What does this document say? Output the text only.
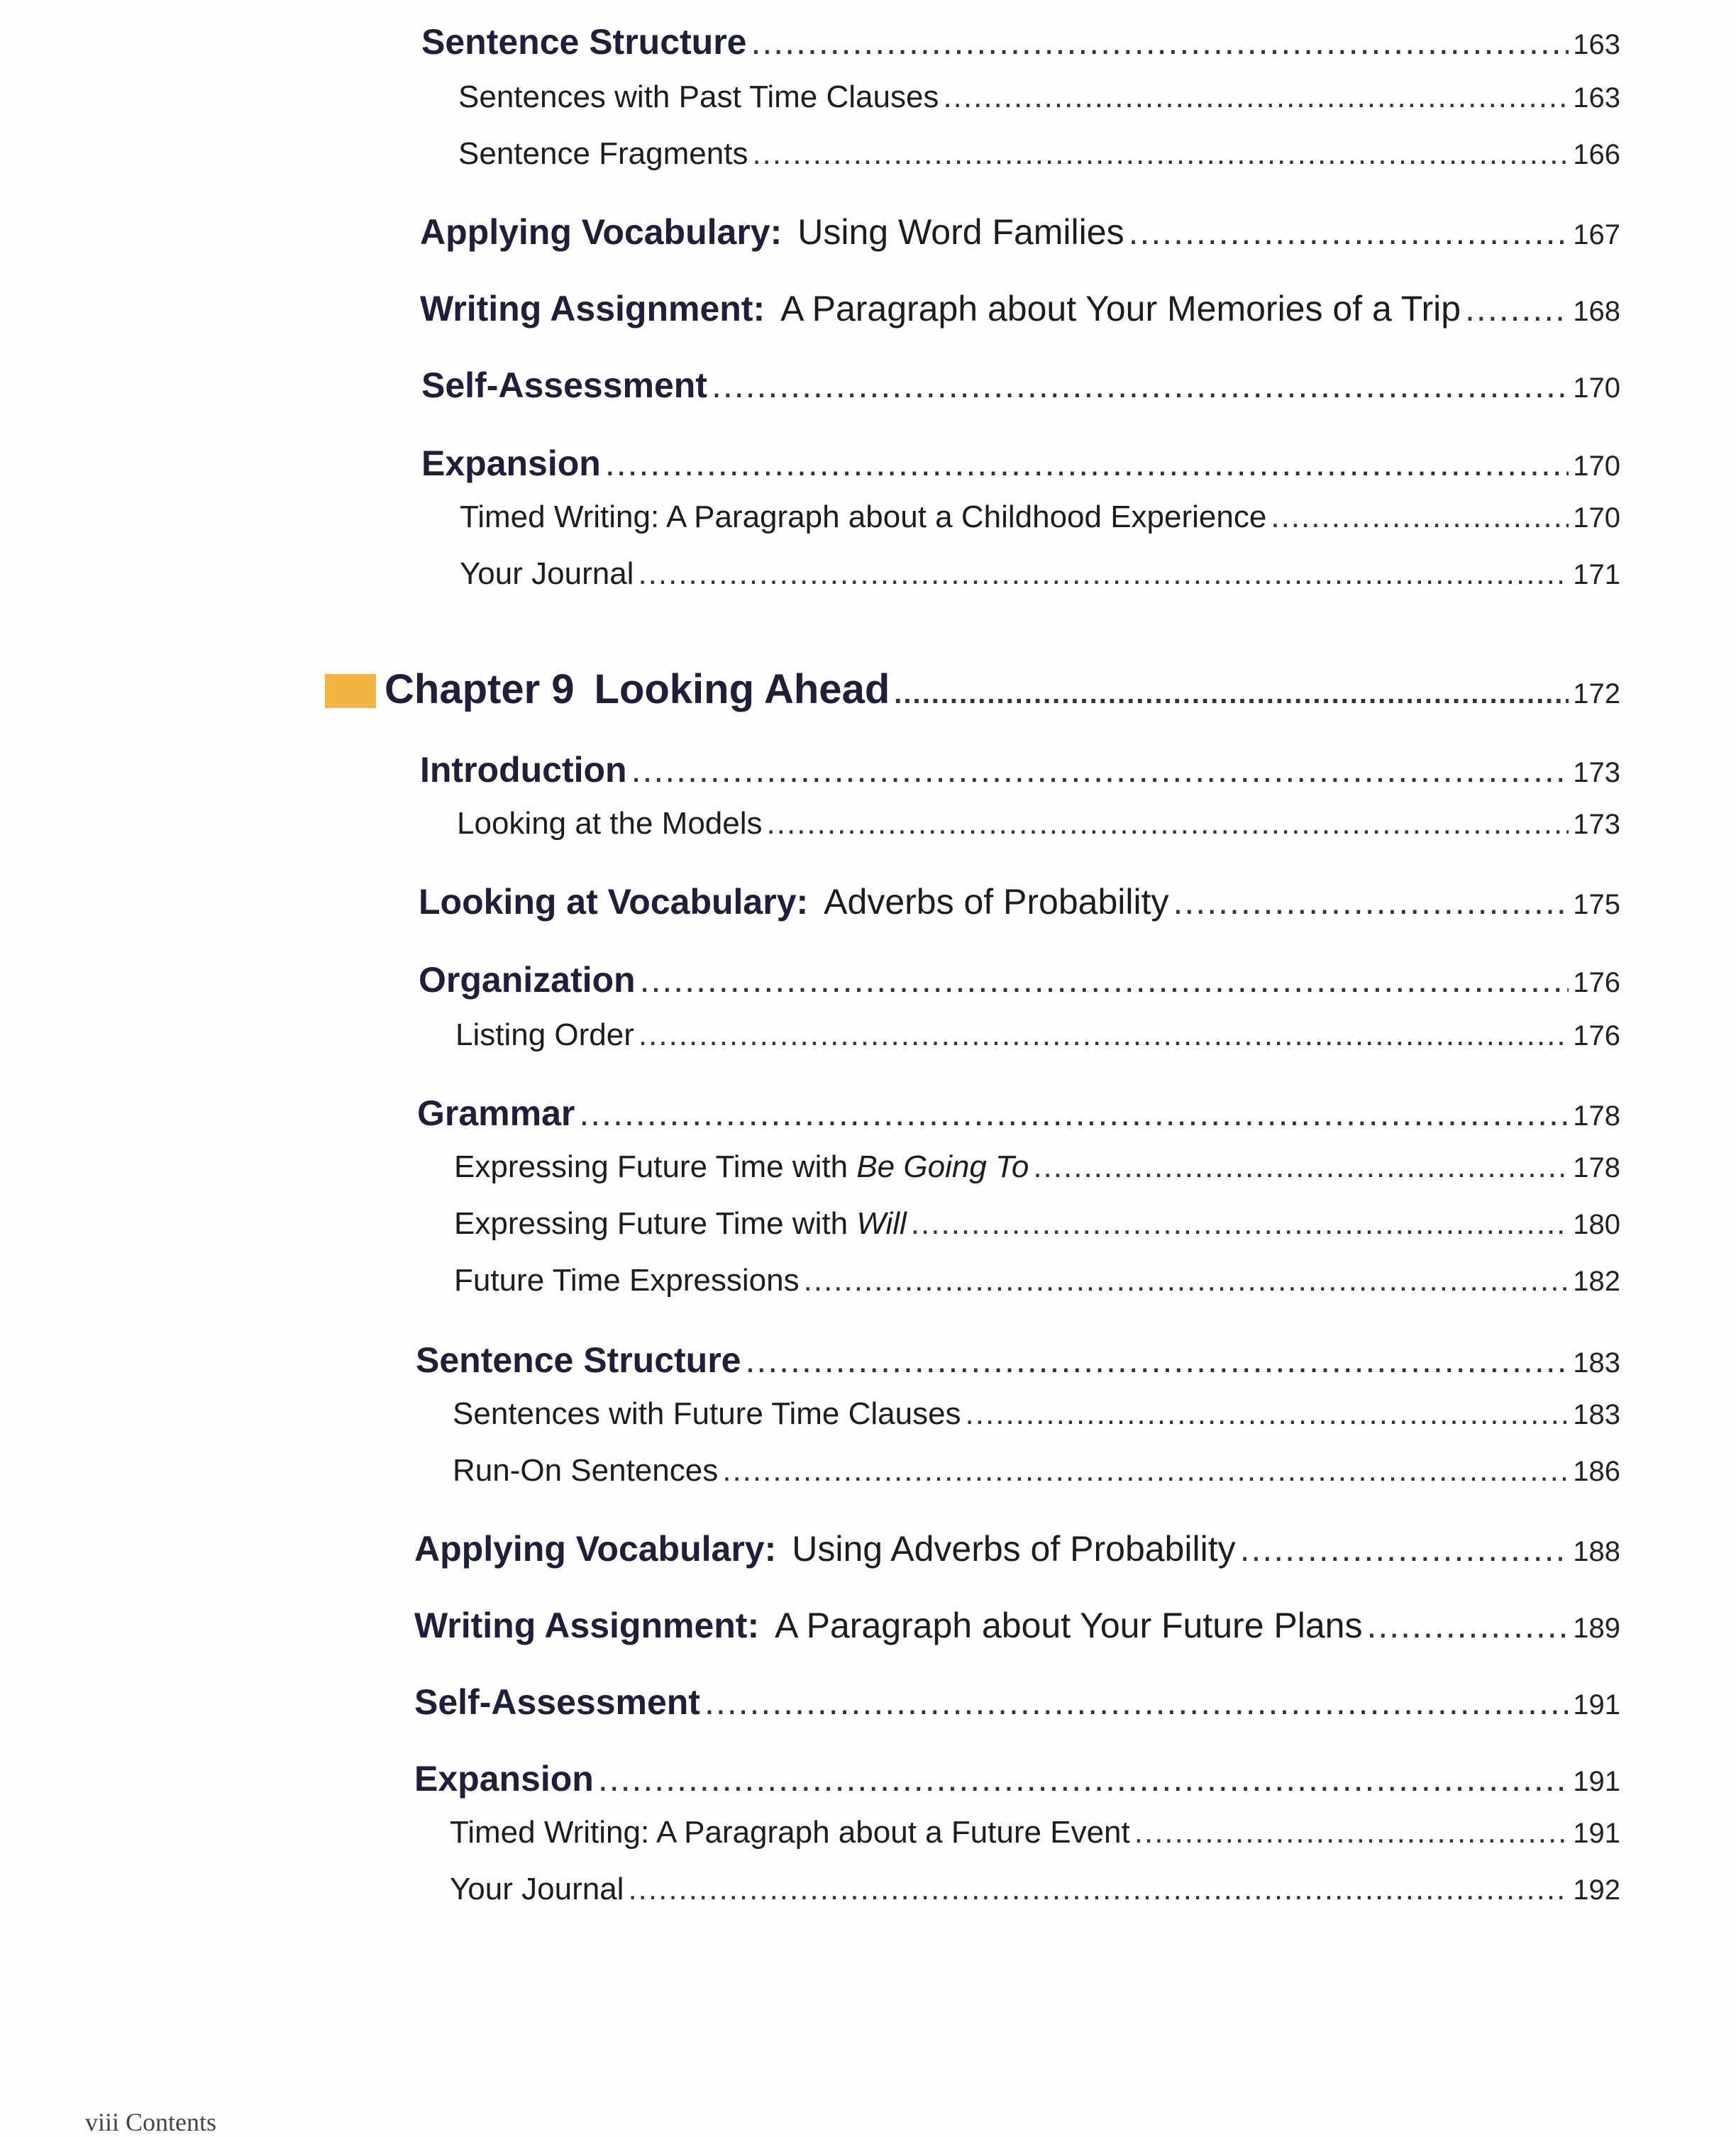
Sentence Structure .....	163
Sentences with Past Time Clauses .....	163
Sentence Fragments .....	166
Applying Vocabulary: Using Word Families .....	167
Writing Assignment: A Paragraph about Your Memories of a Trip .....	168
Self-Assessment .....	170
Expansion .....	170
Timed Writing: A Paragraph about a Childhood Experience .....	170
Your Journal .....	171
Chapter 9 Looking Ahead .....	172
Introduction .....	173
Looking at the Models .....	173
Looking at Vocabulary: Adverbs of Probability .....	175
Organization .....	176
Listing Order .....	176
Grammar .....	178
Expressing Future Time with Be Going To .....	178
Expressing Future Time with Will .....	180
Future Time Expressions .....	182
Sentence Structure .....	183
Sentences with Future Time Clauses .....	183
Run-On Sentences .....	186
Applying Vocabulary: Using Adverbs of Probability .....	188
Writing Assignment: A Paragraph about Your Future Plans .....	189
Self-Assessment .....	191
Expansion .....	191
Timed Writing: A Paragraph about a Future Event .....	191
Your Journal .....	192
viii Contents
